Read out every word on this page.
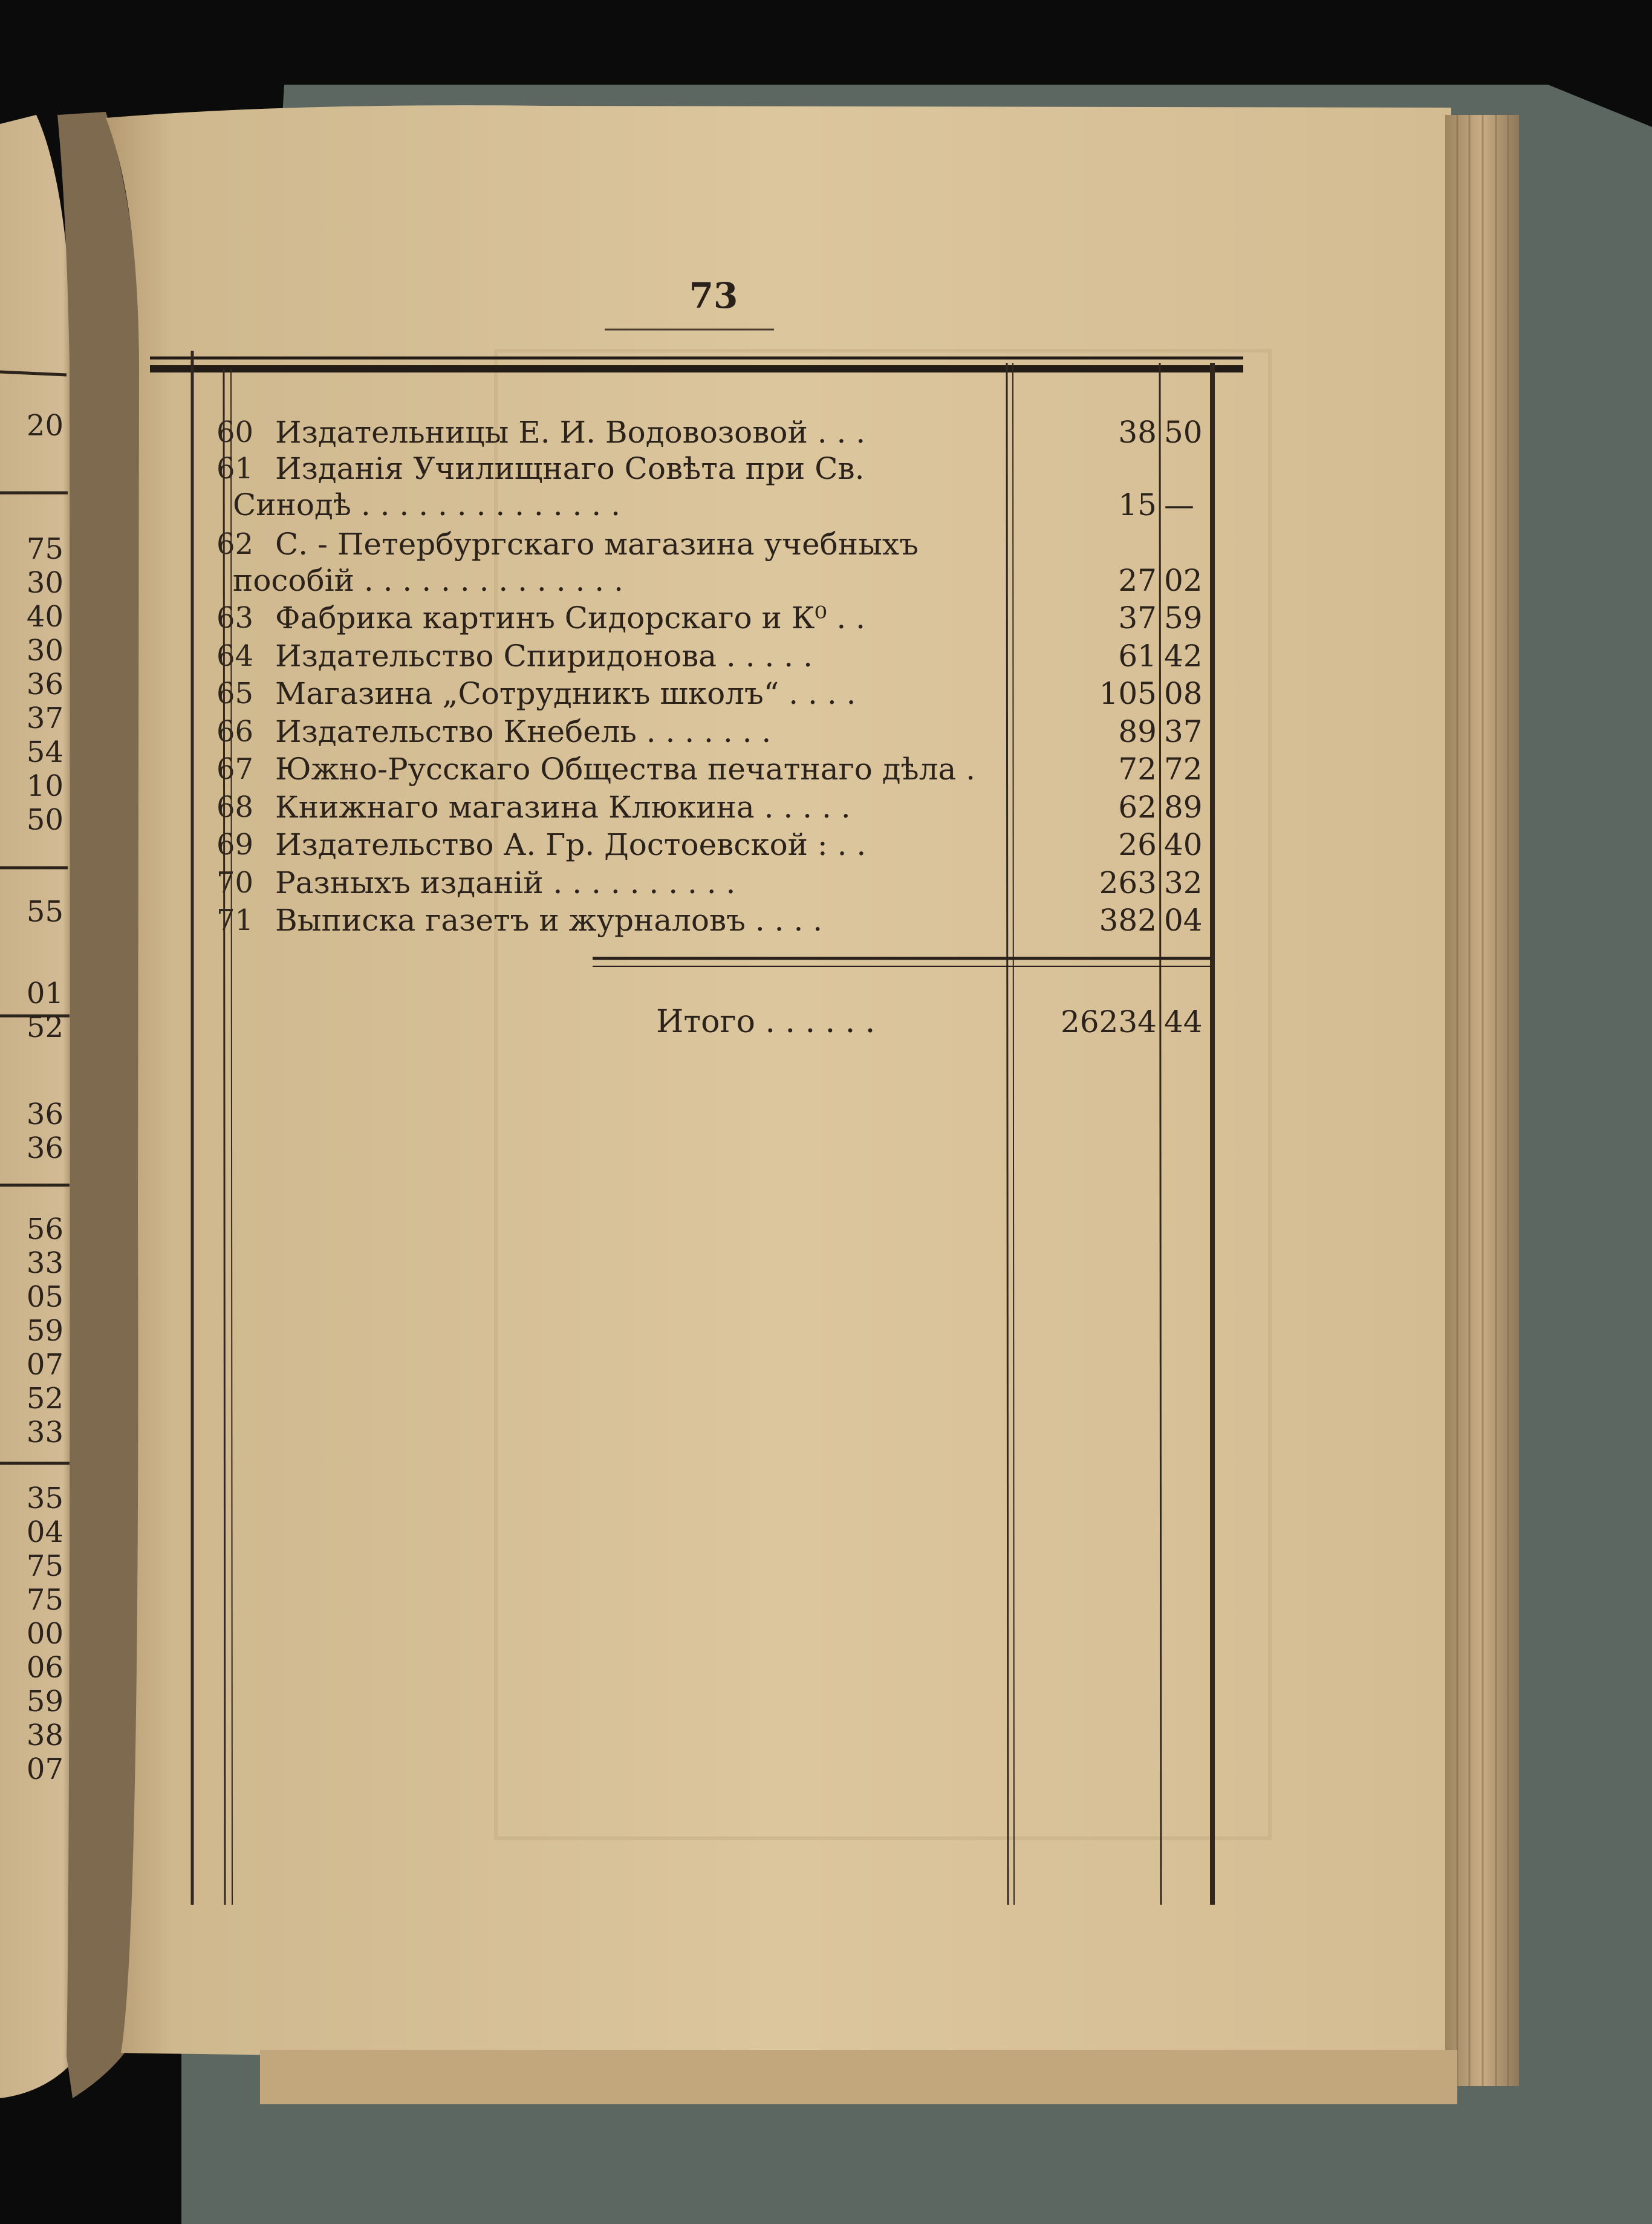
73
60 Издательницы Е. И. Водовозовой . . .	38 50
61 Изданія Училищнаго Совѣта при Св.
Синодѣ . . . . . . . . . . . . . .	15 —
62 С. - Петербургскаго магазина учебныхъ
пособій . . . . . . . . . . . . . .	27 02
63 Фабрика картинъ Сидорскаго и К⁰ . .	37 59
64 Издательство Спиридонова . . . . .	61 42
65 Магазина „Сотрудникъ школъ“ . . . .	105 08
66 Издательство Кнебель . . . . . . .	89 37
67 Южно-Русскаго Общества печатнаго дѣла .	72 72
68 Книжнаго магазина Клюкина . . . . .	62 89
69 Издательство А. Гр. Достоевской : . .	26 40
70 Разныхъ изданій . . . . . . . . . .	263 32
71 Выписка газетъ и журналовъ . . . .	382 04
Итого . . . . . .	26234 44
20
75
30
40
30
36
37
54
10
50
55
01
52
36
36
56
33
05
59
07
52
33
35
04
75
75
00
06
59
38
07
